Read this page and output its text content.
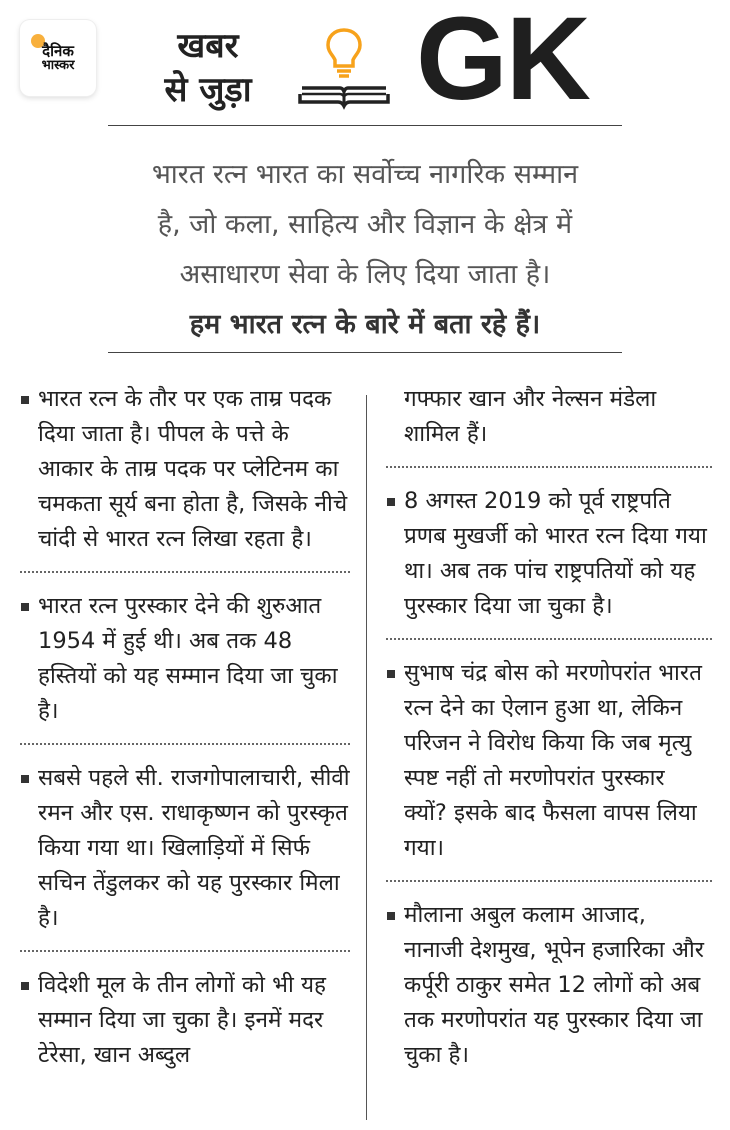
दैनिक
भास्कर	खबर
से जुड़ा GK
भारत रत्न भारत का सर्वोच्च नागरिक सम्मान
है, जो कला, साहित्य और विज्ञान के क्षेत्र में
असाधारण सेवा के लिए दिया जाता है।
हम भारत रत्न के बारे में बता रहे हैं।
भारत रत्न के तौर पर एक ताम्र पदक दिया जाता है। पीपल के पत्ते के आकार के ताम्र पदक पर प्लेटिनम का चमकता सूर्य बना होता है, जिसके नीचे चांदी से भारत रत्न लिखा रहता है।
भारत रत्न पुरस्कार देने की शुरुआत 1954 में हुई थी। अब तक 48 हस्तियों को यह सम्मान दिया जा चुका है।
सबसे पहले सी. राजगोपालाचारी, सीवी रमन और एस. राधाकृष्णन को पुरस्कृत किया गया था। खिलाड़ियों में सिर्फ सचिन तेंडुलकर को यह पुरस्कार मिला है।
विदेशी मूल के तीन लोगों को भी यह सम्मान दिया जा चुका है। इनमें मदर टेरेसा, खान अब्दुल
गफ्फार खान और नेल्सन मंडेला शामिल हैं।
8 अगस्त 2019 को पूर्व राष्ट्रपति प्रणब मुखर्जी को भारत रत्न दिया गया था। अब तक पांच राष्ट्रपतियों को यह पुरस्कार दिया जा चुका है।
सुभाष चंद्र बोस को मरणोपरांत भारत रत्न देने का ऐलान हुआ था, लेकिन परिजन ने विरोध किया कि जब मृत्यु स्पष्ट नहीं तो मरणोपरांत पुरस्कार क्यों? इसके बाद फैसला वापस लिया गया।
मौलाना अबुल कलाम आजाद, नानाजी देशमुख, भूपेन हजारिका और कर्पूरी ठाकुर समेत 12 लोगों को अब तक मरणोपरांत यह पुरस्कार दिया जा चुका है।
